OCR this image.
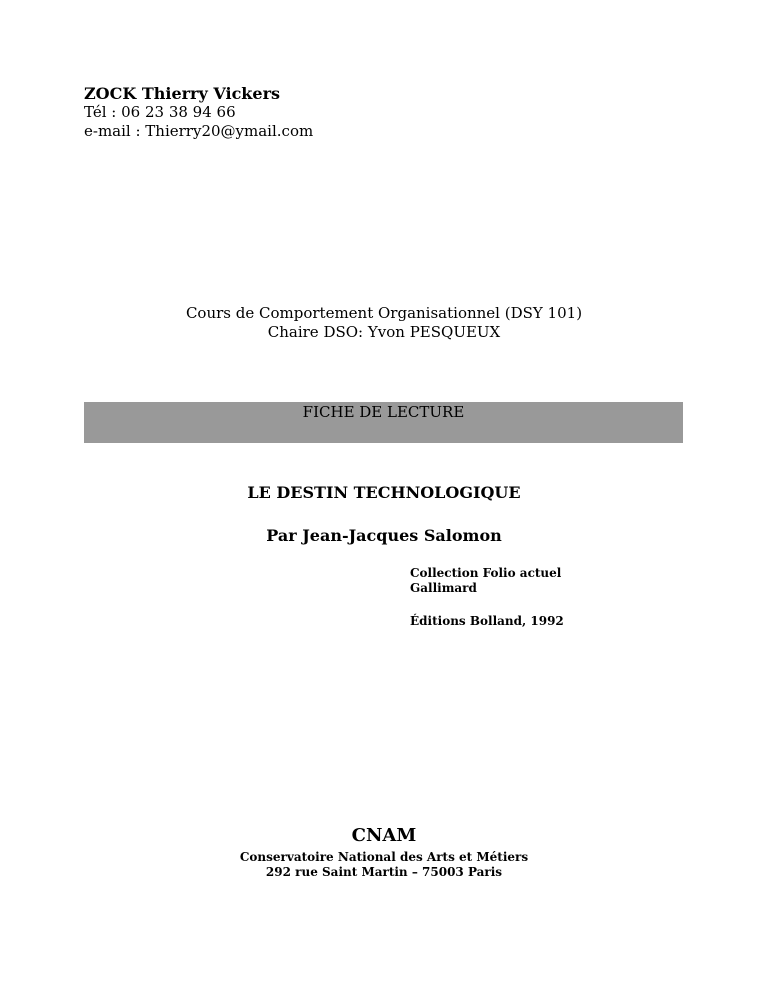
ZOCK Thierry Vickers
Tél : 06 23 38 94 66
e-mail : Thierry20@ymail.com
Cours de Comportement Organisationnel (DSY 101)
Chaire DSO: Yvon PESQUEUX
FICHE DE LECTURE
LE DESTIN TECHNOLOGIQUE
Par Jean-Jacques Salomon
Collection Folio actuel
Gallimard
Éditions Bolland, 1992
CNAM
Conservatoire National des Arts et Métiers
292 rue Saint Martin – 75003 Paris
